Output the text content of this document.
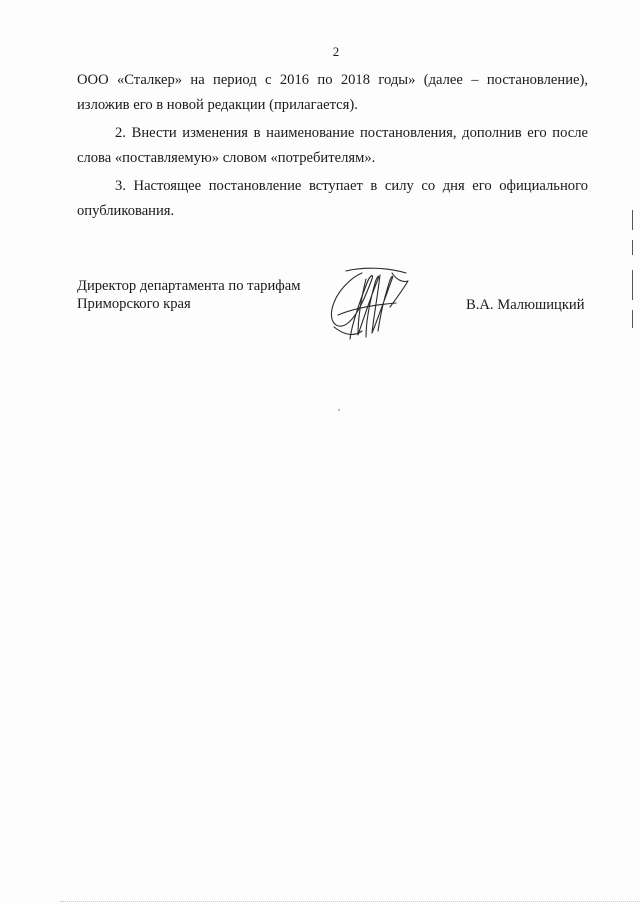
2

ООО «Сталкер» на период с 2016 по 2018 годы» (далее – постановление),
изложив его в новой редакции (прилагается).

2. Внести изменения в наименование постановления, дополнив его после
слова «поставляемую» словом «потребителям».

3. Настоящее постановление вступает в силу со дня его официального
опубликования.

Директор департамента по тарифам
Приморского края	В.А. Малюшицкий
